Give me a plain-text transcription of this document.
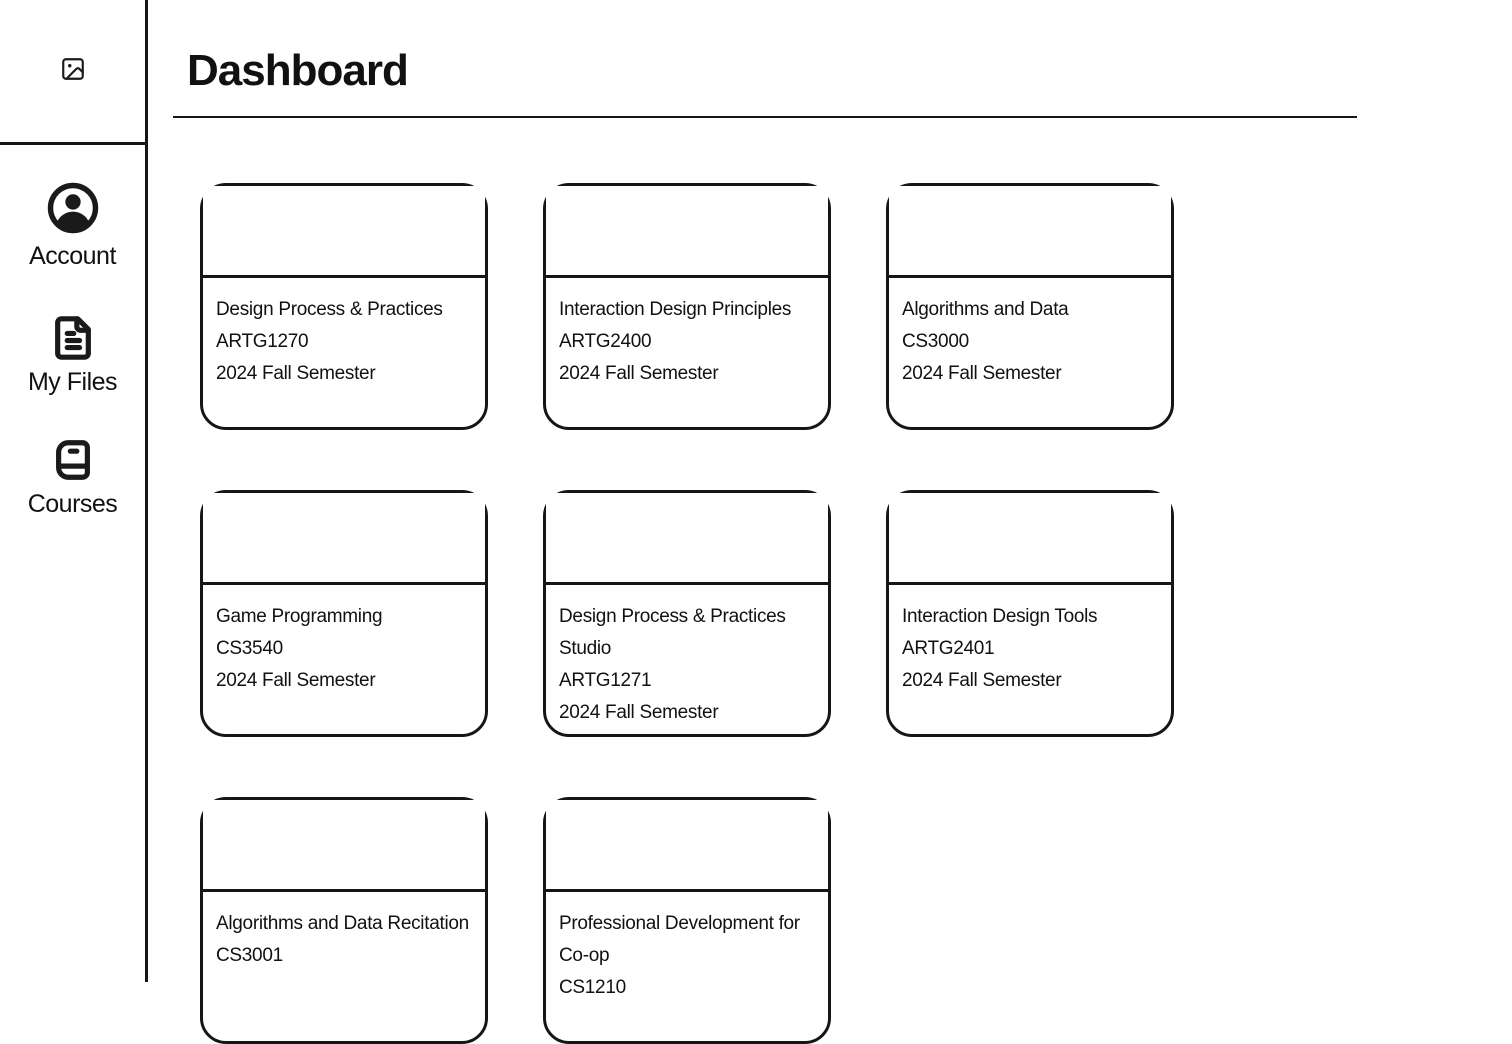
Account
My Files
Courses
Dashboard
Design Process & Practices
ARTG1270
2024 Fall Semester
Interaction Design Principles
ARTG2400
2024 Fall Semester
Algorithms and Data
CS3000
2024 Fall Semester
Game Programming
CS3540
2024 Fall Semester
Design Process & Practices Studio
ARTG1271
2024 Fall Semester
Interaction Design Tools
ARTG2401
2024 Fall Semester
Algorithms and Data Recitation
CS3001
Professional Development for Co-op
CS1210
